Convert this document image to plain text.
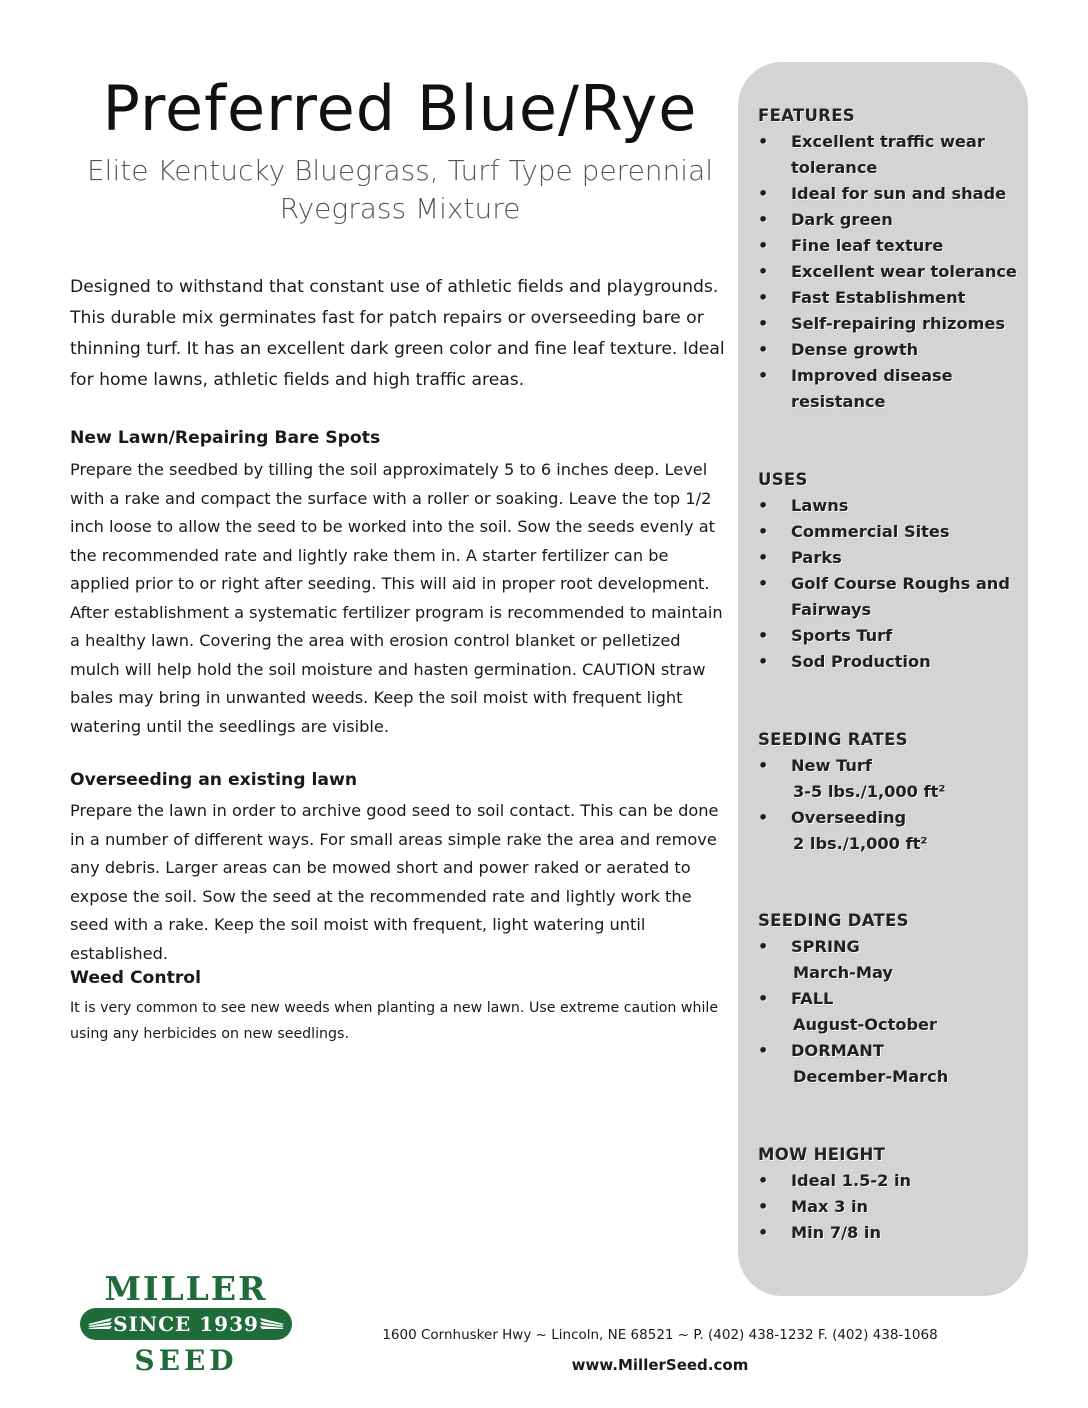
Preferred Blue/Rye

Elite Kentucky Bluegrass, Turf Type perennial
Ryegrass Mixture

Designed to withstand that constant use of athletic fields and playgrounds. This durable mix germinates fast for patch repairs or overseeding bare or thinning turf. It has an excellent dark green color and fine leaf texture. Ideal for home lawns, athletic fields and high traffic areas.

New Lawn/Repairing Bare Spots

Prepare the seedbed by tilling the soil approximately 5 to 6 inches deep. Level with a rake and compact the surface with a roller or soaking. Leave the top 1/2 inch loose to allow the seed to be worked into the soil. Sow the seeds evenly at the recommended rate and lightly rake them in. A starter fertilizer can be applied prior to or right after seeding. This will aid in proper root development. After establishment a systematic fertilizer program is recommended to maintain a healthy lawn. Covering the area with erosion control blanket or pelletized mulch will help hold the soil moisture and hasten germination. CAUTION straw bales may bring in unwanted weeds. Keep the soil moist with frequent light watering until the seedlings are visible.

Overseeding an existing lawn

Prepare the lawn in order to archive good seed to soil contact. This can be done in a number of different ways. For small areas simple rake the area and remove any debris. Larger areas can be mowed short and power raked or aerated to expose the soil. Sow the seed at the recommended rate and lightly work the seed with a rake. Keep the soil moist with frequent, light watering until established.

Weed Control

It is very common to see new weeds when planting a new lawn. Use extreme caution while using any herbicides on new seedlings.

FEATURES
• Excellent traffic wear tolerance
• Ideal for sun and shade
• Dark green
• Fine leaf texture
• Excellent wear tolerance
• Fast Establishment
• Self-repairing rhizomes
• Dense growth
• Improved disease resistance
USES
• Lawns
• Commercial Sites
• Parks
• Golf Course Roughs and Fairways
• Sports Turf
• Sod Production
SEEDING RATES
• New Turf
3-5 lbs./1,000 ft²
• Overseeding
2 lbs./1,000 ft²
SEEDING DATES
• SPRING
March-May
• FALL
August-October
• DORMANT
December-March
MOW HEIGHT
• Ideal 1.5-2 in
• Max 3 in
• Min 7/8 in
MILLER
SINCE 1939
SEED

1600 Cornhusker Hwy ~ Lincoln, NE 68521 ~ P. (402) 438-1232 F. (402) 438-1068

www.MillerSeed.com
